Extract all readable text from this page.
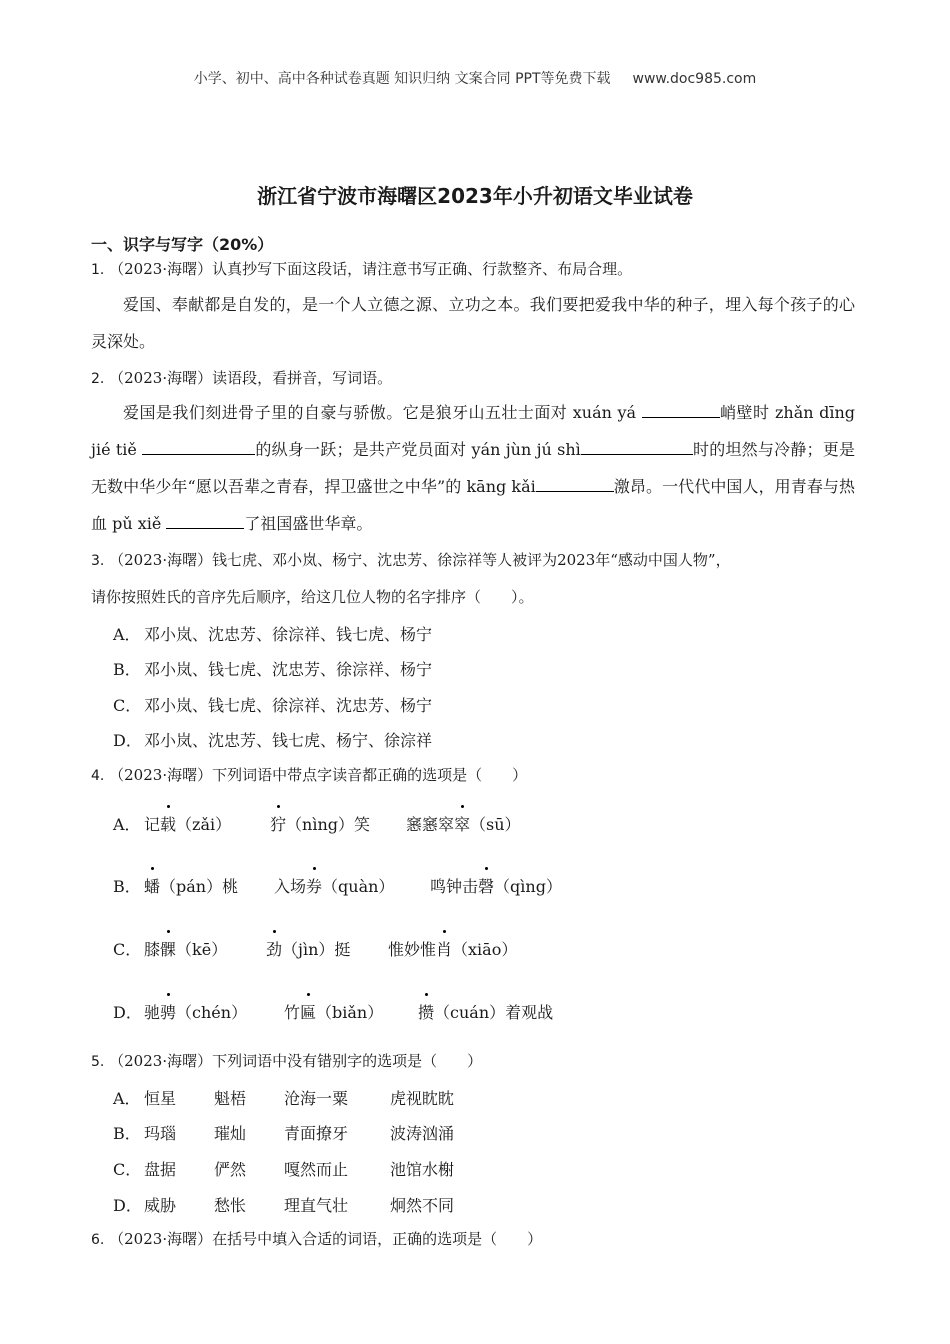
小学、初中、高中各种试卷真题 知识归纳 文案合同 PPT等免费下载 www.doc985.com
浙江省宁波市海曙区2023年小升初语文毕业试卷
一、识字与写字（20%）
1. （2023·海曙）认真抄写下面这段话，请注意书写正确、行款整齐、布局合理。
爱国、奉献都是自发的，是一个人立德之源、立功之本。我们要把爱我中华的种子，埋入每个孩子的心灵深处。
2. （2023·海曙）读语段，看拼音，写词语。
爱国是我们刻进骨子里的自豪与骄傲。它是狼牙山五壮士面对 xuán yá	峭壁时 zhǎn dīng jié tiě	的纵身一跃；是共产党员面对 yán jùn jú shì	时的坦然与冷静；更是无数中华少年“愿以吾辈之青春，捍卫盛世之中华”的 kāng kǎi	激昂。一代代中国人，用青春与热血 pǔ xiě	了祖国盛世华章。
3. （2023·海曙）钱七虎、邓小岚、杨宁、沈忠芳、徐淙祥等人被评为2023年“感动中国人物”，
请你按照姓氏的音序先后顺序，给这几位人物的名字排序（　　）。
A． 邓小岚、沈忠芳、徐淙祥、钱七虎、杨宁
B． 邓小岚、钱七虎、沈忠芳、徐淙祥、杨宁
C． 邓小岚、钱七虎、徐淙祥、沈忠芳、杨宁
D． 邓小岚、沈忠芳、钱七虎、杨宁、徐淙祥
4. （2023·海曙）下列词语中带点字读音都正确的选项是（　　）
A． 记载（zǎi） 狞（nìng）笑 窸窸窣窣（sū）
B． 蟠（pán）桃 入场券（quàn） 鸣钟击磬（qìng）
C． 膝髁（kē） 劲（jìn）挺 惟妙惟肖（xiāo）
D． 驰骋（chén） 竹匾（biǎn） 攒（cuán）着观战
5. （2023·海曙）下列词语中没有错别字的选项是（　　）
A． 恒星 魁梧 沧海一粟	虎视眈眈
B． 玛瑙 璀灿 青面撩牙	波涛汹涌
C． 盘据 俨然 嘎然而止	池馆水榭
D． 威胁 愁怅 理直气壮	炯然不同
6. （2023·海曙）在括号中填入合适的词语，正确的选项是（　　）
